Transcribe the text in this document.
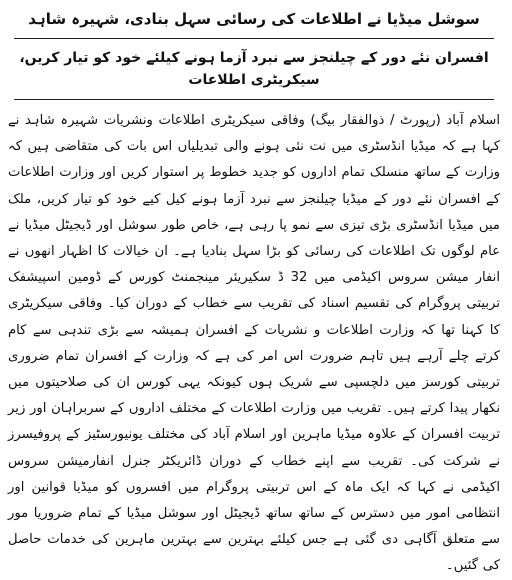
سوشل میڈیا نے اطلاعات کی رسائی سہل بنادی، شہیرہ شاہد
افسران نئے دور کے چیلنجز سے نبرد آزما ہونے کیلئے خود کو تیار کریں، سیکریٹری اطلاعات

اسلام آباد (رپورٹ / ذوالفقار بیگ) وفاقی سیکریٹری اطلاعات ونشریات شہیرہ شاہد نے کہا ہے کہ میڈیا انڈسٹری میں نت نئی ہونے والی تبدیلیاں اس بات کی متقاضی ہیں کہ وزارت کے ساتھ منسلک تمام اداروں کو جدید خطوط پر استوار کریں اور وزارت اطلاعات کے افسران نئے دور کے میڈیا چیلنجز سے نبرد آزما ہونے کیل کیے خود کو تیار کریں، ملک میں میڈیا انڈسٹری بڑی تیزی سے نمو پا رہی ہے، خاص طور سوشل اور ڈیجیٹل میڈیا نے عام لوگوں تک اطلاعات کی رسائی کو بڑا سہل بنادیا ہے۔ ان خیالات کا اظہار انھوں نے انفار میشن سروس اکیڈمی میں 32 ڈ سکیریئر مینجمنٹ کورس کے ڈومین اسپیشفک تربیتی پروگرام کی تقسیم اسناد کی تقریب سے خطاب کے دوران کیا۔ وفاقی سیکریٹری کا کہنا تھا کہ وزارت اطلاعات و نشریات کے افسران ہمیشہ سے بڑی تندہی سے کام کرتے چلے آرہے ہیں تاہم ضرورت اس امر کی ہے کہ وزارت کے افسران تمام ضروری تربیتی کورسز میں دلچسپی سے شریک ہوں کیونکہ یہی کورس ان کی صلاحیتوں میں نکھار پیدا کرتے ہیں۔ تقریب میں وزارت اطلاعات کے مختلف اداروں کے سربراہان اور زیر تربیت افسران کے علاوہ میڈیا ماہرین اور اسلام آباد کی مختلف یونیورسٹیز کے پروفیسرز نے شرکت کی۔ تقریب سے اپنے خطاب کے دوران ڈائریکٹر جنرل انفارمیشن سروس اکیڈمی نے کہا کہ ایک ماہ کے اس تربیتی پروگرام میں افسروں کو میڈیا قوانین اور انتظامی امور میں دسترس کے ساتھ ساتھ ڈیجیٹل اور سوشل میڈیا کے تمام ضروریا مور سے متعلق آگاہی دی گئی ہے جس کیلئے بہترین سے بہترین ماہرین کی خدمات حاصل کی گئیں۔
